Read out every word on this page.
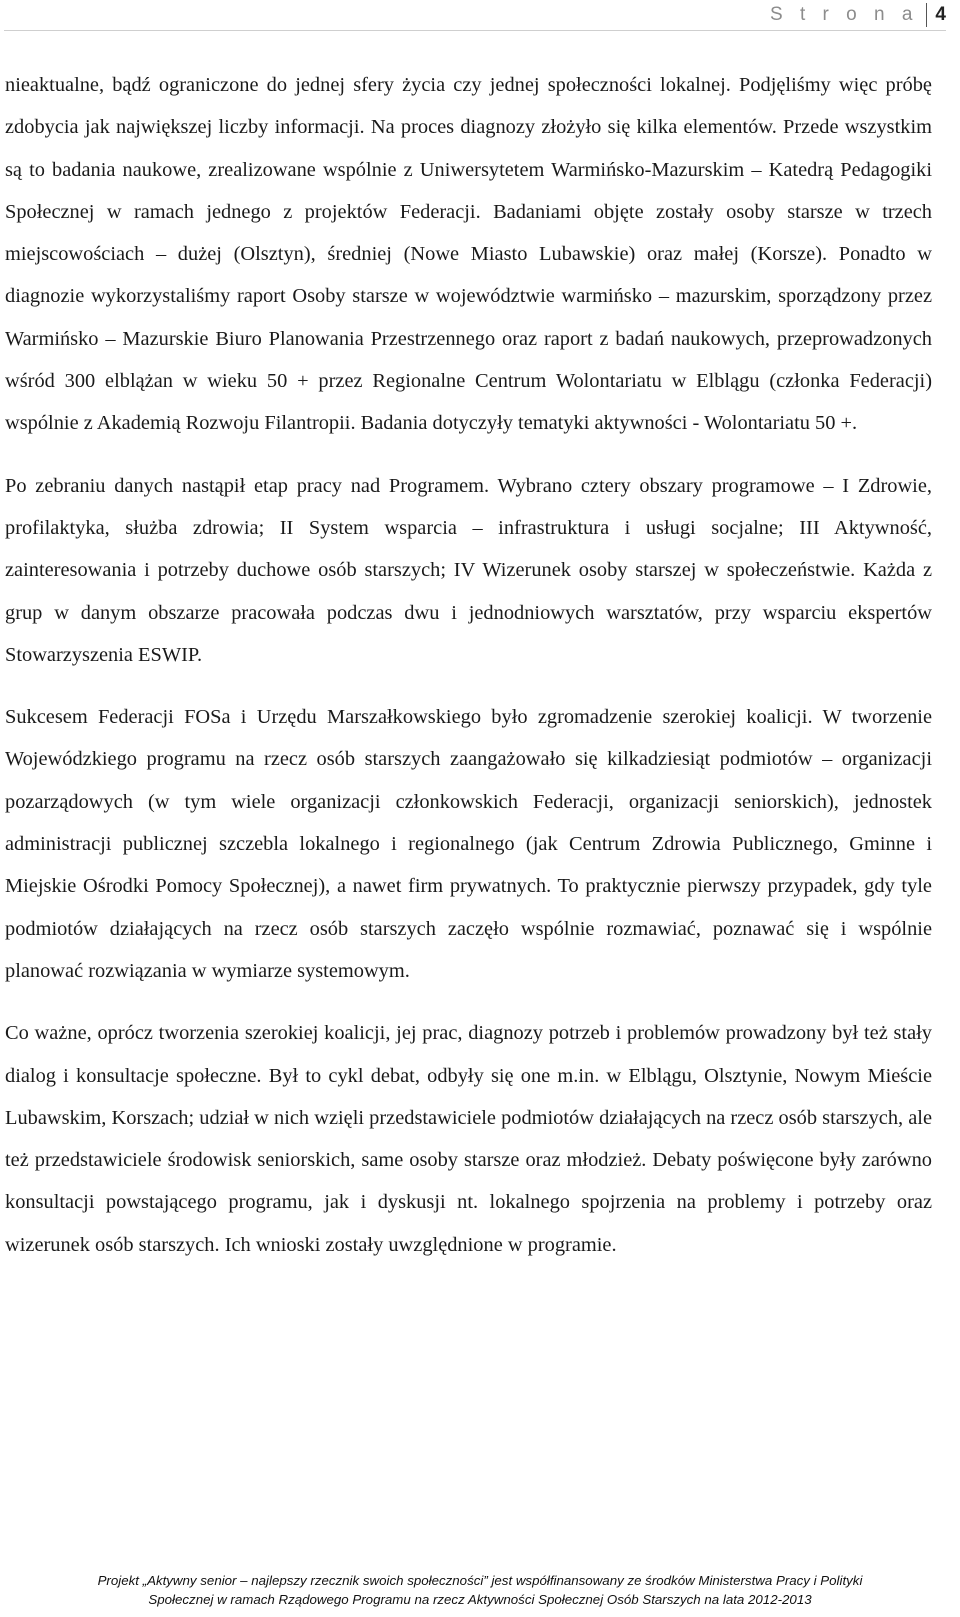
S t r o n a 4

nieaktualne, bądź ograniczone do jednej sfery życia czy jednej społeczności lokalnej. Podjęliśmy więc próbę zdobycia jak największej liczby informacji. Na proces diagnozy złożyło się kilka elementów. Przede wszystkim są to badania naukowe, zrealizowane wspólnie z Uniwersytetem Warmińsko-Mazurskim – Katedrą Pedagogiki Społecznej w ramach jednego z projektów Federacji. Badaniami objęte zostały osoby starsze w trzech miejscowościach – dużej (Olsztyn), średniej (Nowe Miasto Lubawskie) oraz małej (Korsze). Ponadto w diagnozie wykorzystaliśmy raport Osoby starsze w województwie warmińsko – mazurskim, sporządzony przez Warmińsko – Mazurskie Biuro Planowania Przestrzennego oraz raport z badań naukowych, przeprowadzonych wśród 300 elblążan w wieku 50 + przez Regionalne Centrum Wolontariatu w Elblągu (członka Federacji) wspólnie z Akademią Rozwoju Filantropii. Badania dotyczyły tematyki aktywności - Wolontariatu 50 +.

Po zebraniu danych nastąpił etap pracy nad Programem. Wybrano cztery obszary programowe – I Zdrowie, profilaktyka, służba zdrowia; II System wsparcia – infrastruktura i usługi socjalne; III Aktywność, zainteresowania i potrzeby duchowe osób starszych; IV Wizerunek osoby starszej w społeczeństwie. Każda z grup w danym obszarze pracowała podczas dwu i jednodniowych warsztatów, przy wsparciu ekspertów Stowarzyszenia ESWIP.

Sukcesem Federacji FOSa i Urzędu Marszałkowskiego było zgromadzenie szerokiej koalicji. W tworzenie Wojewódzkiego programu na rzecz osób starszych zaangażowało się kilkadziesiąt podmiotów – organizacji pozarządowych (w tym wiele organizacji członkowskich Federacji, organizacji seniorskich), jednostek administracji publicznej szczebla lokalnego i regionalnego (jak Centrum Zdrowia Publicznego, Gminne i Miejskie Ośrodki Pomocy Społecznej), a nawet firm prywatnych. To praktycznie pierwszy przypadek, gdy tyle podmiotów działających na rzecz osób starszych zaczęło wspólnie rozmawiać, poznawać się i wspólnie planować rozwiązania w wymiarze systemowym.

Co ważne, oprócz tworzenia szerokiej koalicji, jej prac, diagnozy potrzeb i problemów prowadzony był też stały dialog i konsultacje społeczne. Był to cykl debat, odbyły się one m.in. w Elblągu, Olsztynie, Nowym Mieście Lubawskim, Korszach; udział w nich wzięli przedstawiciele podmiotów działających na rzecz osób starszych, ale też przedstawiciele środowisk seniorskich, same osoby starsze oraz młodzież. Debaty poświęcone były zarówno konsultacji powstającego programu, jak i dyskusji nt. lokalnego spojrzenia na problemy i potrzeby oraz wizerunek osób starszych. Ich wnioski zostały uwzględnione w programie.

Projekt „Aktywny senior – najlepszy rzecznik swoich społeczności” jest współfinansowany ze środków Ministerstwa Pracy i Polityki
Społecznej w ramach Rządowego Programu na rzecz Aktywności Społecznej Osób Starszych na lata 2012-2013
